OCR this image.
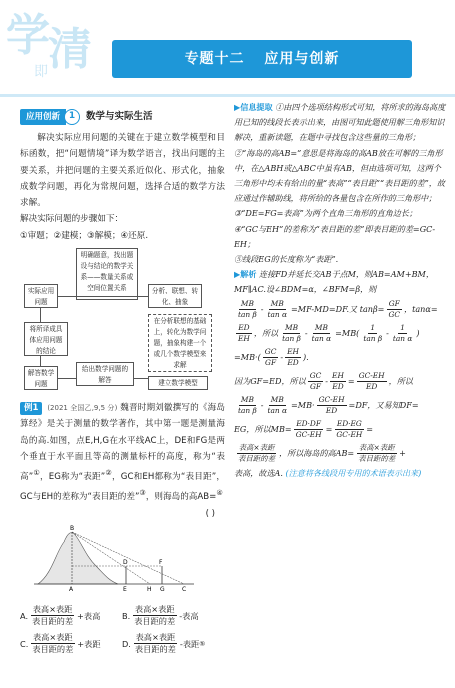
学
清
即
专题十二 应用与创新
应用创新 1	数学与实际生活

解决实际应用问题的关键在于建立数学模型和目标函数，把“问题情境”译为数学语言，找出问题的主要关系，并把问题的主要关系近似化、形式化，抽象成数学问题，再化为常规问题，选择合适的数学方法求解。

解决实际问题的步骤如下：

①审题；②建模；③解模；④还原.

明确题意，找出题设与结论的数学关系——数量关系或空间位置关系
实际应用问题
分析、联想、转化、抽象
将所译成具体应用问题的结论
在分析联想的基础上，转化为数学问题，抽象构建一个或几个数学模型来求解
解答数学问题
给出数学问题的解答	建立数学模型

例1 (2021 全国乙,9,5 分) 魏晋时期刘徽撰写的《海岛算经》是关于测量的数学著作，其中第一题是测量海岛的高.如图，点E,H,G在水平线AC上，DE和FG是两个垂直于水平面且等高的测量标杆的高度，称为“表高”①，EG称为“表距”②，GC和EH都称为“表目距”，GC与EH的差称为“表目距的差”③，则海岛的高AB=④

( )
B
D	F
A	E	H G	C
A. $\frac{\text{表高×表距}}{\text{表目距的差}}$ +表高	B. $\frac{\text{表高×表距}}{\text{表目距的差}}$ -表高
C. $\frac{\text{表高×表距}}{\text{表目距的差}}$ +表距	D. $\frac{\text{表高×表距}}{\text{表目距的差}}$ -表距 ⑤

▶信息提取 ①由四个选项结构形式可知，将所求的海岛高度用已知的线段长表示出来，由图可知此题使用解三角形知识解决，重新读题，在题中寻找包含这些量的三角形；

②“海岛的高AB=”意思是将海岛的高AB放在可解的三角形中，在△ABH或△ABC中虽有AB，但由选项可知，这两个三角形中均未有给出的量“表高”“表目距”“表目距的差”，故应通过作辅助线，将所给的各量包含在所作的三角形中；

③“DE=FG=表高”为两个直角三角形的直角边长；

④“GC与EH”的差称为“表目距的差”即表目距的差=GC-EH；

⑤线段EG的长度称为“表距”.

▶解析 连接FD并延长交AB于点M，则AB=AM+BM，MF∥AC.设∠BDM=α，∠BFM=β，则

$\frac{MB}{\text{tan β}} - \frac{MB}{\text{tan α}} =MF-MD=DF$.又 $\tan\beta= \frac{GF}{GC}$ ，tanα=
$\frac{ED}{EH}$ ，所以 $\frac{MB}{\text{tan β}} - \frac{MB}{\text{tan α}} =MB$ ( $\frac{1}{\text{tan β}} - \frac{1}{\text{tan α}}$ )
= MB · ( $\frac{GC}{GF} - \frac{EH}{ED}$ ) .
因为GF=ED，所以 $\frac{GC}{GF} - \frac{EH}{ED} = \frac{GC-EH}{ED}$ ，所以
$\frac{MB}{\text{tan β}} - \frac{MB}{\text{tan α}}$ = MB · $\frac{GC-EH}{ED} =DF$，又易知DF=
EG，所以$MB= \frac{ED\cdot DF}{GC-EH} = \frac{ED\cdot EG}{GC-EH}$ =
$\frac{\text{表高×表距}}{\text{表目距的差}}$ ，所以海岛的高$AB= \frac{\text{表高×表距}}{\text{表目距的差}}$ +

表高，故选A. (注意将各线段用专用的术语表示出来)
